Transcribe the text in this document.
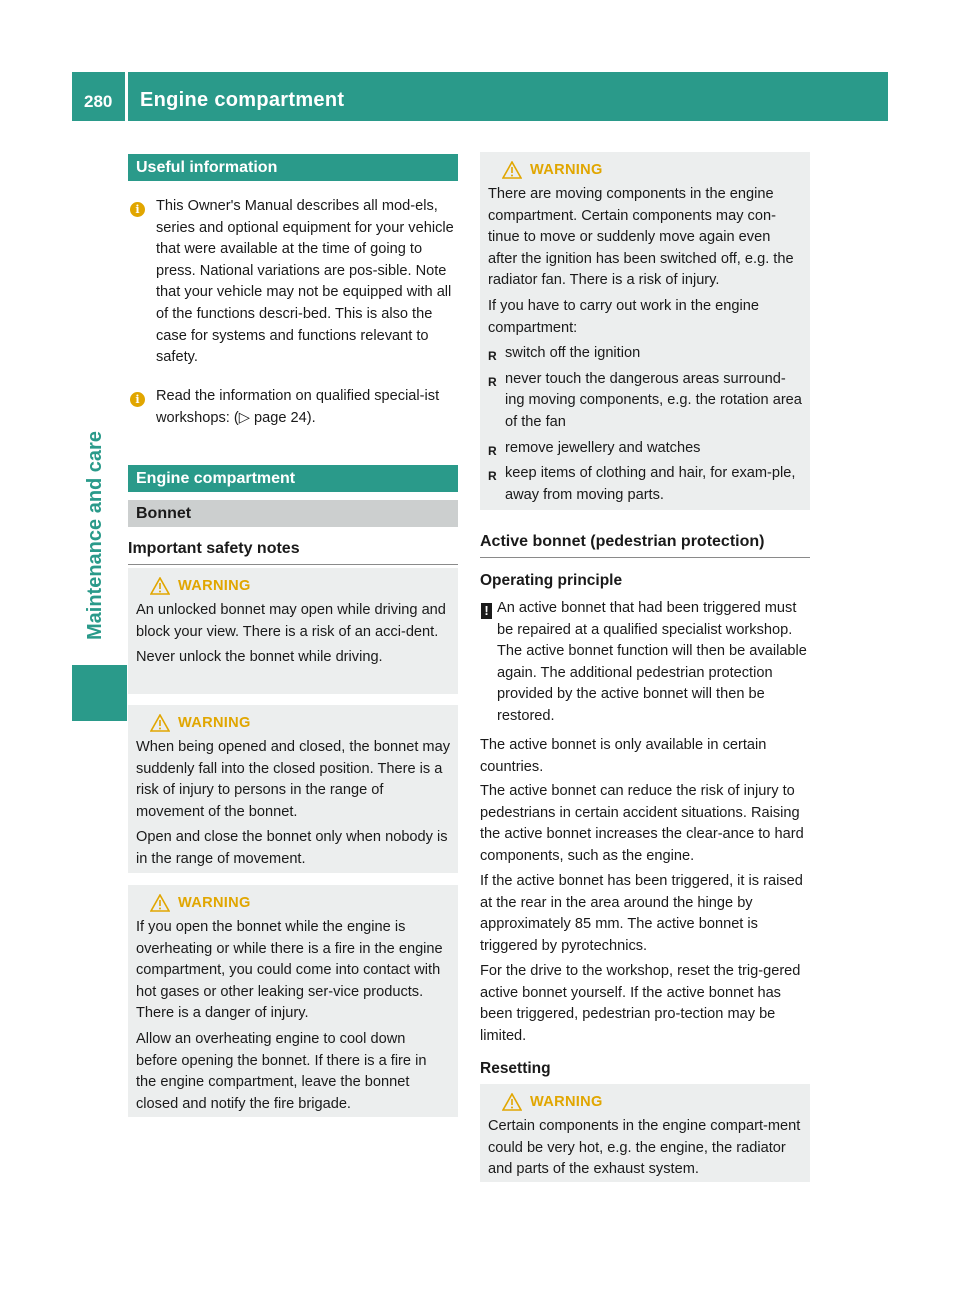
280 Engine compartment
Maintenance and care
Useful information
i	This Owner's Manual describes all mod-els, series and optional equipment for your vehicle that were available at the time of going to press. National variations are pos-sible. Note that your vehicle may not be equipped with all of the functions descri-bed. This is also the case for systems and functions relevant to safety.
i	Read the information on qualified special-ist workshops: (▷ page 24).
Engine compartment
Bonnet
Important safety notes
WARNING

An unlocked bonnet may open while driving and block your view. There is a risk of an acci-dent.

Never unlock the bonnet while driving.

WARNING

When being opened and closed, the bonnet may suddenly fall into the closed position. There is a risk of injury to persons in the range of movement of the bonnet.

Open and close the bonnet only when nobody is in the range of movement.

WARNING

If you open the bonnet while the engine is overheating or while there is a fire in the engine compartment, you could come into contact with hot gases or other leaking ser-vice products. There is a danger of injury.

Allow an overheating engine to cool down before opening the bonnet. If there is a fire in the engine compartment, leave the bonnet closed and notify the fire brigade.

WARNING

There are moving components in the engine compartment. Certain components may con-tinue to move or suddenly move again even after the ignition has been switched off, e.g. the radiator fan. There is a risk of injury.

If you have to carry out work in the engine compartment:

R switch off the ignition
R never touch the dangerous areas surround-ing moving components, e.g. the rotation area of the fan
R remove jewellery and watches
R keep items of clothing and hair, for exam-ple, away from moving parts.
Active bonnet (pedestrian protection)
Operating principle
! An active bonnet that had been triggered must be repaired at a qualified specialist workshop. The active bonnet function will then be available again. The additional pedestrian protection provided by the active bonnet will then be restored.
The active bonnet is only available in certain countries.
The active bonnet can reduce the risk of injury to pedestrians in certain accident situations. Raising the active bonnet increases the clear-ance to hard components, such as the engine.
If the active bonnet has been triggered, it is raised at the rear in the area around the hinge by approximately 85 mm. The active bonnet is triggered by pyrotechnics.
For the drive to the workshop, reset the trig-gered active bonnet yourself. If the active bonnet has been triggered, pedestrian pro-tection may be limited.
Resetting
WARNING

Certain components in the engine compart-ment could be very hot, e.g. the engine, the radiator and parts of the exhaust system.
